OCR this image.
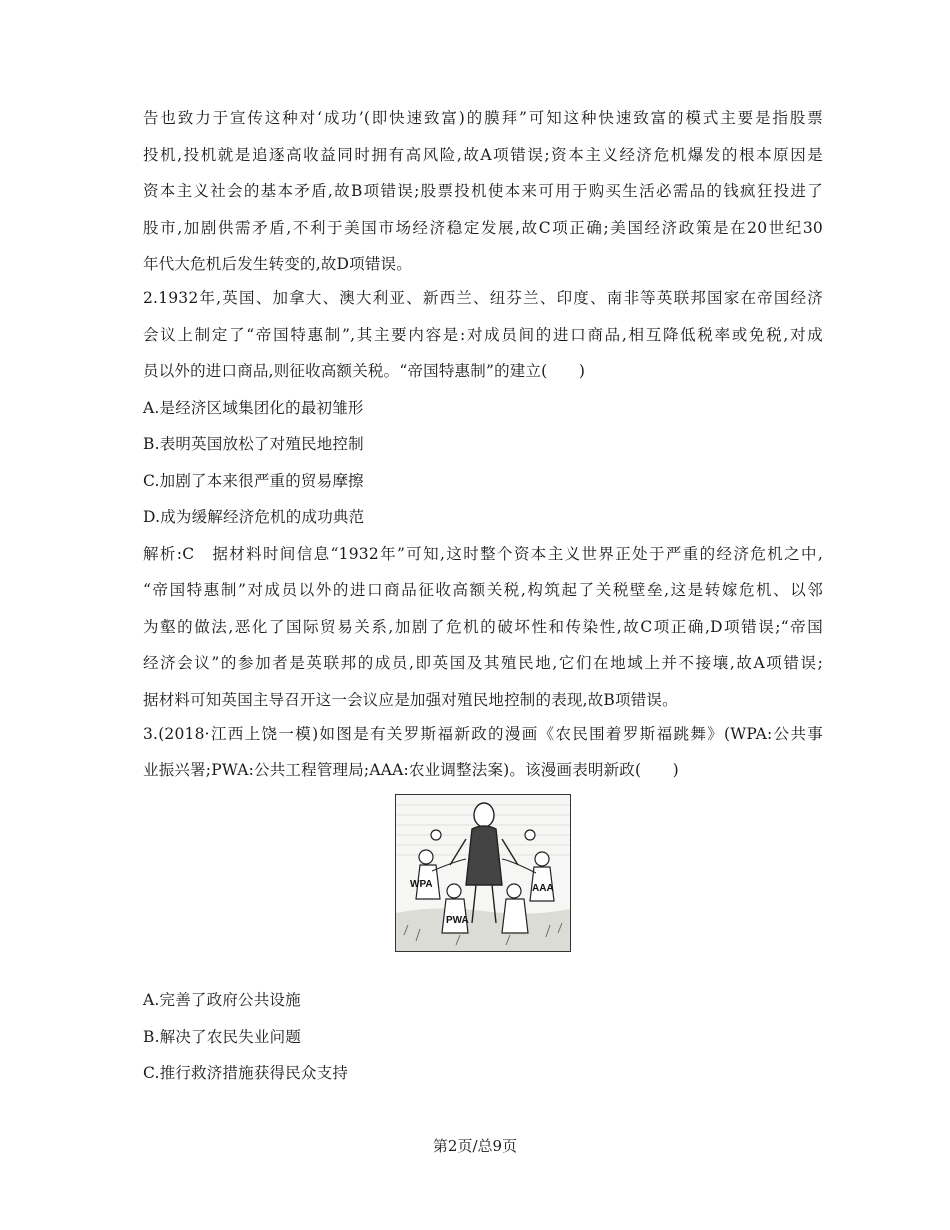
告也致力于宣传这种对‘成功’(即快速致富)的膜拜”可知这种快速致富的模式主要是指股票
投机,投机就是追逐高收益同时拥有高风险,故A项错误;资本主义经济危机爆发的根本原因是
资本主义社会的基本矛盾,故B项错误;股票投机使本来可用于购买生活必需品的钱疯狂投进了
股市,加剧供需矛盾,不利于美国市场经济稳定发展,故C项正确;美国经济政策是在20世纪30
年代大危机后发生转变的,故D项错误。
2.1932年,英国、加拿大、澳大利亚、新西兰、纽芬兰、印度、南非等英联邦国家在帝国经济
会议上制定了“帝国特惠制”,其主要内容是:对成员间的进口商品,相互降低税率或免税,对成
员以外的进口商品,则征收高额关税。“帝国特惠制”的建立(　　)
A.是经济区域集团化的最初雏形
B.表明英国放松了对殖民地控制
C.加剧了本来很严重的贸易摩擦
D.成为缓解经济危机的成功典范
解析:C　据材料时间信息“1932年”可知,这时整个资本主义世界正处于严重的经济危机之中,
“帝国特惠制”对成员以外的进口商品征收高额关税,构筑起了关税壁垒,这是转嫁危机、以邻
为壑的做法,恶化了国际贸易关系,加剧了危机的破坏性和传染性,故C项正确,D项错误;“帝国
经济会议”的参加者是英联邦的成员,即英国及其殖民地,它们在地域上并不接壤,故A项错误;
据材料可知英国主导召开这一会议应是加强对殖民地控制的表现,故B项错误。
3.(2018·江西上饶一模)如图是有关罗斯福新政的漫画《农民围着罗斯福跳舞》(WPA:公共事
业振兴署;PWA:公共工程管理局;AAA:农业调整法案)。该漫画表明新政(　　)
WPA
PWA
AAA
A.完善了政府公共设施
B.解决了农民失业问题
C.推行救济措施获得民众支持
第2页/总9页
